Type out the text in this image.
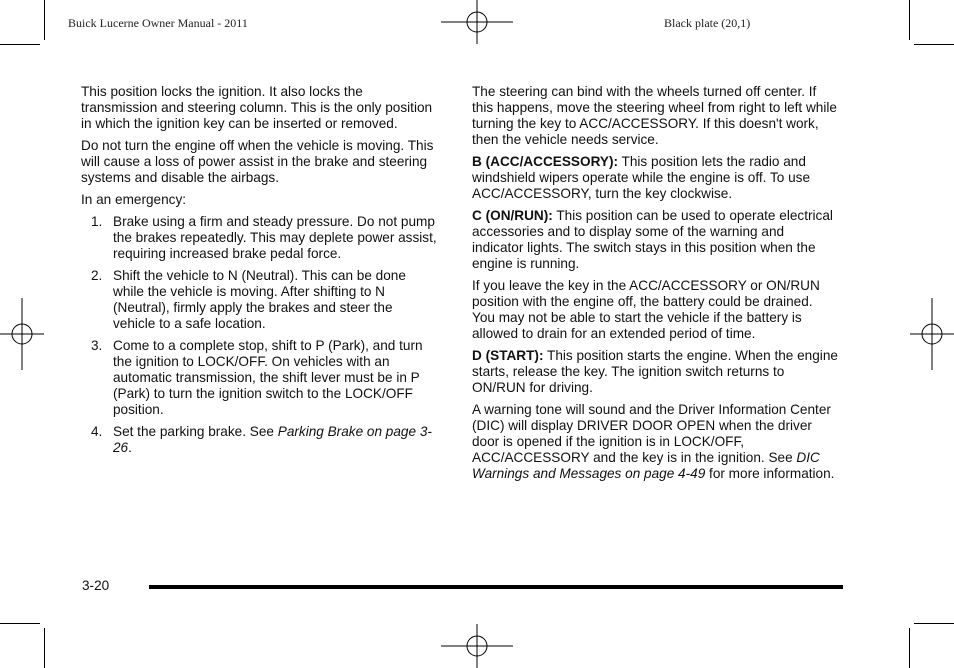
Buick Lucerne Owner Manual - 2011	Black plate (20,1)

This position locks the ignition. It also locks the transmission and steering column. This is the only position in which the ignition key can be inserted or removed.

Do not turn the engine off when the vehicle is moving. This will cause a loss of power assist in the brake and steering systems and disable the airbags.

In an emergency:

1. Brake using a firm and steady pressure. Do not pump the brakes repeatedly. This may deplete power assist, requiring increased brake pedal force.
2. Shift the vehicle to N (Neutral). This can be done while the vehicle is moving. After shifting to N (Neutral), firmly apply the brakes and steer the vehicle to a safe location.
3. Come to a complete stop, shift to P (Park), and turn the ignition to LOCK/OFF. On vehicles with an automatic transmission, the shift lever must be in P (Park) to turn the ignition switch to the LOCK/OFF position.
4. Set the parking brake. See Parking Brake on page 3-26.

The steering can bind with the wheels turned off center. If this happens, move the steering wheel from right to left while turning the key to ACC/ACCESSORY. If this doesn't work, then the vehicle needs service.

B (ACC/ACCESSORY): This position lets the radio and windshield wipers operate while the engine is off. To use ACC/ACCESSORY, turn the key clockwise.

C (ON/RUN): This position can be used to operate electrical accessories and to display some of the warning and indicator lights. The switch stays in this position when the engine is running.

If you leave the key in the ACC/ACCESSORY or ON/RUN position with the engine off, the battery could be drained. You may not be able to start the vehicle if the battery is allowed to drain for an extended period of time.

D (START): This position starts the engine. When the engine starts, release the key. The ignition switch returns to ON/RUN for driving.

A warning tone will sound and the Driver Information Center (DIC) will display DRIVER DOOR OPEN when the driver door is opened if the ignition is in LOCK/OFF, ACC/ACCESSORY and the key is in the ignition. See DIC Warnings and Messages on page 4-49 for more information.

3-20
